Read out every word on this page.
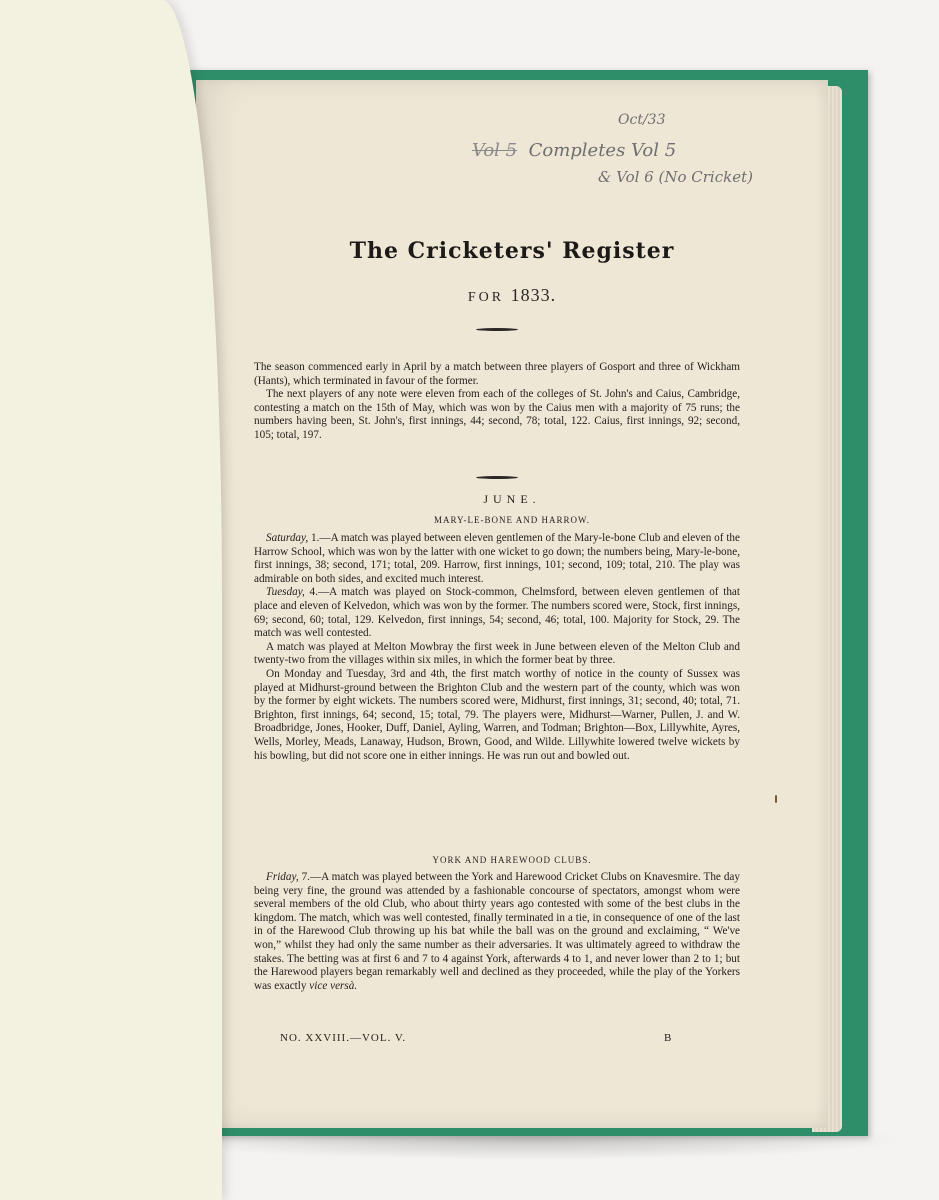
Oct/33
Vol 5 Completes Vol 5
& Vol 6 (No Cricket)
The Cricketers' Register
FOR 1833.

The season commenced early in April by a match between three players of Gosport and three of Wickham (Hants), which terminated in favour of the former.

The next players of any note were eleven from each of the colleges of St. John's and Caius, Cambridge, contesting a match on the 15th of May, which was won by the Caius men with a majority of 75 runs; the numbers having been, St. John's, first innings, 44; second, 78; total, 122. Caius, first innings, 92; second, 105; total, 197.

JUNE.
MARY-LE-BONE AND HARROW.

Saturday, 1.—A match was played between eleven gentlemen of the Mary-le-bone Club and eleven of the Harrow School, which was won by the latter with one wicket to go down; the numbers being, Mary-le-bone, first innings, 38; second, 171; total, 209. Harrow, first innings, 101; second, 109; total, 210. The play was admirable on both sides, and excited much interest.

Tuesday, 4.—A match was played on Stock-common, Chelmsford, between eleven gentlemen of that place and eleven of Kelvedon, which was won by the former. The numbers scored were, Stock, first innings, 69; second, 60; total, 129. Kelvedon, first innings, 54; second, 46; total, 100. Majority for Stock, 29. The match was well contested.

A match was played at Melton Mowbray the first week in June between eleven of the Melton Club and twenty-two from the villages within six miles, in which the former beat by three.

On Monday and Tuesday, 3rd and 4th, the first match worthy of notice in the county of Sussex was played at Midhurst-ground between the Brighton Club and the western part of the county, which was won by the former by eight wickets. The numbers scored were, Midhurst, first innings, 31; second, 40; total, 71. Brighton, first innings, 64; second, 15; total, 79. The players were, Midhurst—Warner, Pullen, J. and W. Broadbridge, Jones, Hooker, Duff, Daniel, Ayling, Warren, and Todman; Brighton—Box, Lillywhite, Ayres, Wells, Morley, Meads, Lanaway, Hudson, Brown, Good, and Wilde. Lillywhite lowered twelve wickets by his bowling, but did not score one in either innings. He was run out and bowled out.

YORK AND HAREWOOD CLUBS.

Friday, 7.—A match was played between the York and Harewood Cricket Clubs on Knavesmire. The day being very fine, the ground was attended by a fashionable concourse of spectators, amongst whom were several members of the old Club, who about thirty years ago contested with some of the best clubs in the kingdom. The match, which was well contested, finally terminated in a tie, in consequence of one of the last in of the Harewood Club throwing up his bat while the ball was on the ground and exclaiming, “ We've won,” whilst they had only the same number as their adversaries. It was ultimately agreed to withdraw the stakes. The betting was at first 6 and 7 to 4 against York, afterwards 4 to 1, and never lower than 2 to 1; but the Harewood players began remarkably well and declined as they proceeded, while the play of the Yorkers was exactly vice versà.

NO. XXVIII.—VOL. V.	B
